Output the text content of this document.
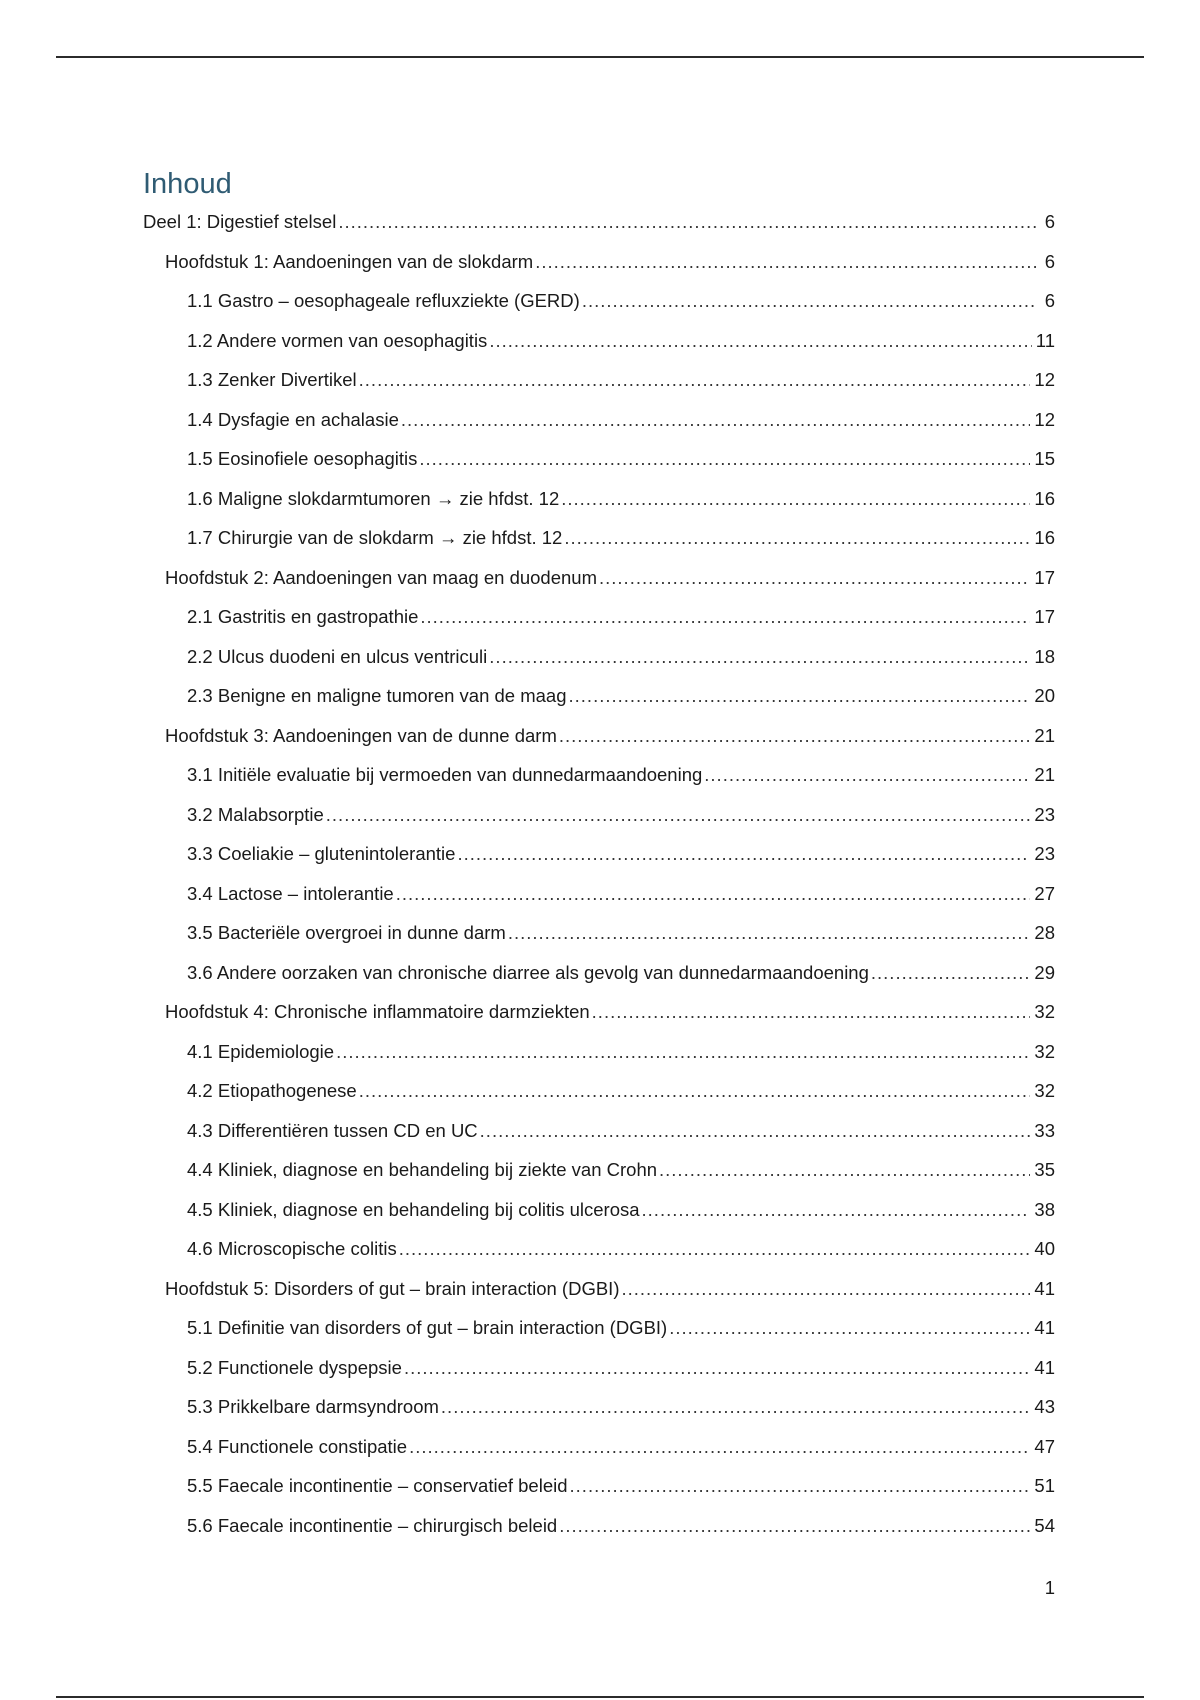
Inhoud
Deel 1: Digestief stelsel .....	6
Hoofdstuk 1: Aandoeningen van de slokdarm .....	6
1.1 Gastro – oesophageale refluxziekte (GERD) .....	6
1.2 Andere vormen van oesophagitis .....	11
1.3 Zenker Divertikel .....	12
1.4 Dysfagie en achalasie .....	12
1.5 Eosinofiele oesophagitis .....	15
1.6 Maligne slokdarmtumoren → zie hfdst. 12 .....	16
1.7 Chirurgie van de slokdarm → zie hfdst. 12 .....	16
Hoofdstuk 2: Aandoeningen van maag en duodenum .....	17
2.1 Gastritis en gastropathie .....	17
2.2 Ulcus duodeni en ulcus ventriculi .....	18
2.3 Benigne en maligne tumoren van de maag .....	20
Hoofdstuk 3: Aandoeningen van de dunne darm .....	21
3.1 Initiële evaluatie bij vermoeden van dunnedarmaandoening .....	21
3.2 Malabsorptie .....	23
3.3 Coeliakie – glutenintolerantie .....	23
3.4 Lactose – intolerantie .....	27
3.5 Bacteriële overgroei in dunne darm .....	28
3.6 Andere oorzaken van chronische diarree als gevolg van dunnedarmaandoening .....	29
Hoofdstuk 4: Chronische inflammatoire darmziekten .....	32
4.1 Epidemiologie .....	32
4.2 Etiopathogenese .....	32
4.3 Differentiëren tussen CD en UC .....	33
4.4 Kliniek, diagnose en behandeling bij ziekte van Crohn .....	35
4.5 Kliniek, diagnose en behandeling bij colitis ulcerosa .....	38
4.6 Microscopische colitis .....	40
Hoofdstuk 5: Disorders of gut – brain interaction (DGBI) .....	41
5.1 Definitie van disorders of gut – brain interaction (DGBI) .....	41
5.2 Functionele dyspepsie .....	41
5.3 Prikkelbare darmsyndroom .....	43
5.4 Functionele constipatie .....	47
5.5 Faecale incontinentie – conservatief beleid .....	51
5.6 Faecale incontinentie – chirurgisch beleid .....	54
1
